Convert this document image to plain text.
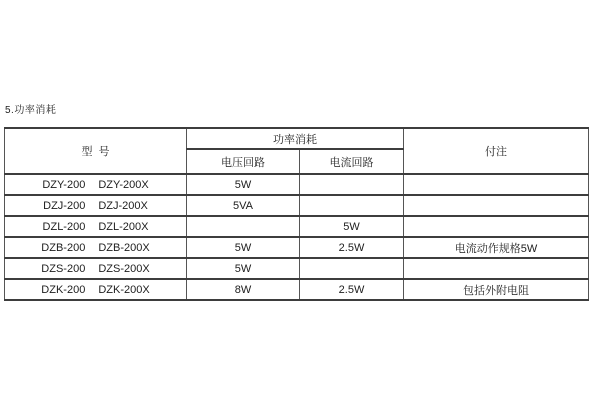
5.功率消耗
型  号	功率消耗		付注
	电压回路	电流回路	

DZY-200 DZY-200X	5W		

DZJ-200 DZJ-200X	5VA		

DZL-200 DZL-200X		5W	

DZB-200 DZB-200X	5W	2.5W	电流动作规格5W

DZS-200 DZS-200X	5W		

DZK-200 DZK-200X	8W	2.5W	包括外附电阻
